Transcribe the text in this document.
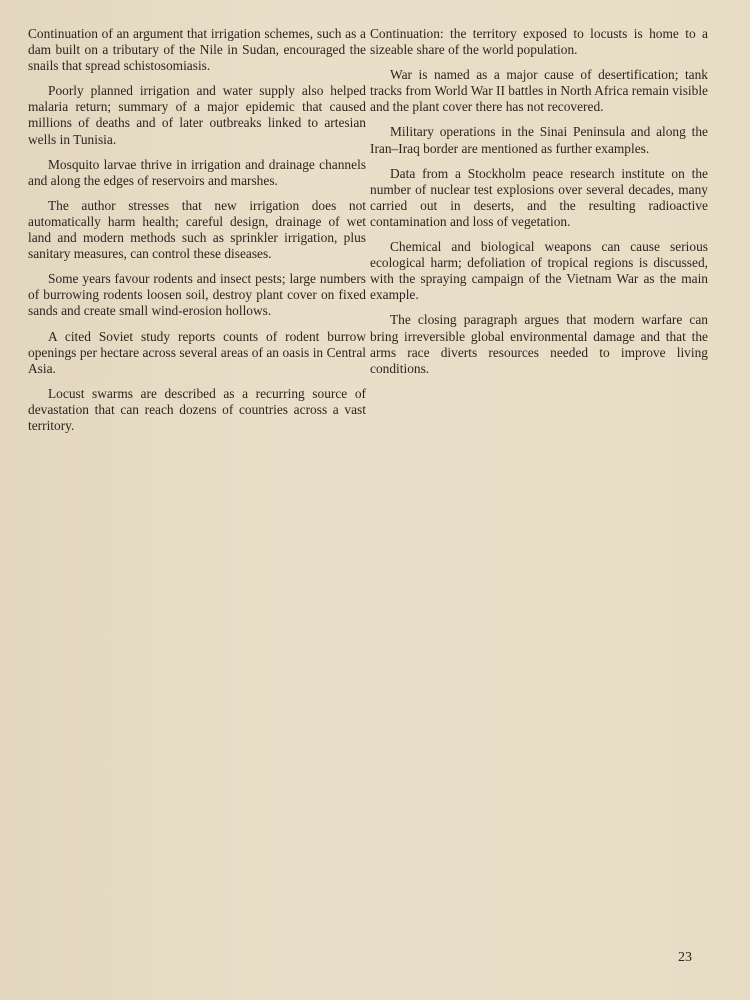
Continuation of an argument that irrigation schemes, such as a dam built on a tributary of the Nile in Sudan, encouraged the snails that spread schistosomiasis.

Poorly planned irrigation and water supply also helped malaria return; summary of a major epidemic that caused millions of deaths and of later outbreaks linked to artesian wells in Tunisia.

Mosquito larvae thrive in irrigation and drainage channels and along the edges of reservoirs and marshes.

The author stresses that new irrigation does not automatically harm health; careful design, drainage of wet land and modern methods such as sprinkler irrigation, plus sanitary measures, can control these diseases.

Some years favour rodents and insect pests; large numbers of burrowing rodents loosen soil, destroy plant cover on fixed sands and create small wind-erosion hollows.

A cited Soviet study reports counts of rodent burrow openings per hectare across several areas of an oasis in Central Asia.

Locust swarms are described as a recurring source of devastation that can reach dozens of countries across a vast territory.

Continuation: the territory exposed to locusts is home to a sizeable share of the world population.

War is named as a major cause of desertification; tank tracks from World War II battles in North Africa remain visible and the plant cover there has not recovered.

Military operations in the Sinai Peninsula and along the Iran–Iraq border are mentioned as further examples.

Data from a Stockholm peace research institute on the number of nuclear test explosions over several decades, many carried out in deserts, and the resulting radioactive contamination and loss of vegetation.

Chemical and biological weapons can cause serious ecological harm; defoliation of tropical regions is discussed, with the spraying campaign of the Vietnam War as the main example.

The closing paragraph argues that modern warfare can bring irreversible global environmental damage and that the arms race diverts resources needed to improve living conditions.

23
